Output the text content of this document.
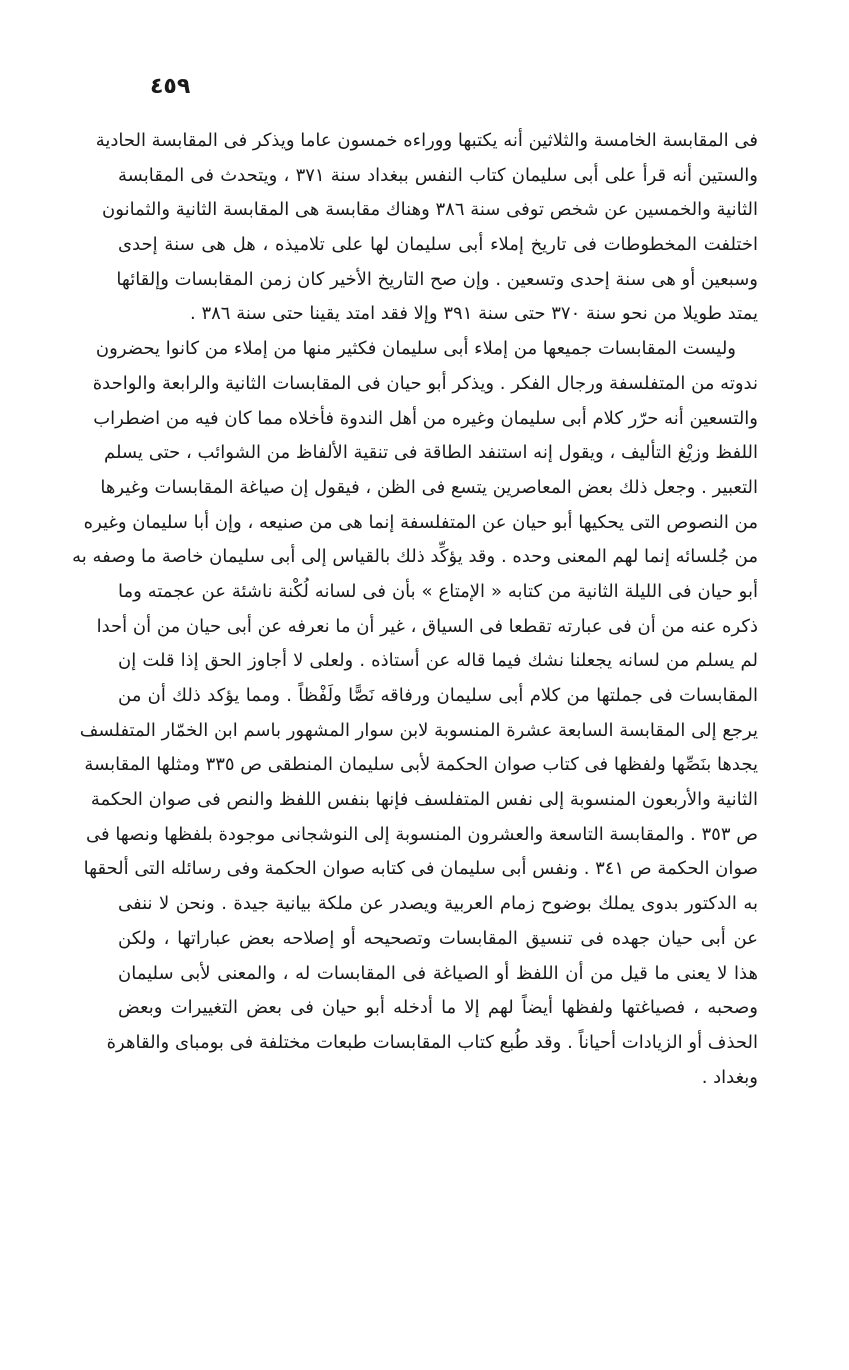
٤٥٩
فى المقابسة الخامسة والثلاثين أنه يكتبها ووراءه خمسون عاما ويذكر فى المقابسة الحادية
والستين أنه قرأ على أبى سليمان كتاب النفس ببغداد سنة ٣٧١ ، ويتحدث فى المقابسة
الثانية والخمسين عن شخص توفى سنة ٣٨٦ وهناك مقابسة هى المقابسة الثانية والثمانون
اختلفت المخطوطات فى تاريخ إملاء أبى سليمان لها على تلاميذه ، هل هى سنة إحدى
وسبعين أو هى سنة إحدى وتسعين . وإن صح التاريخ الأخير كان زمن المقابسات وإلقائها
يمتد طويلا من نحو سنة ٣٧٠ حتى سنة ٣٩١ وإلا فقد امتد يقينا حتى سنة ٣٨٦ .
وليست المقابسات جميعها من إملاء أبى سليمان فكثير منها من إملاء من كانوا يحضرون
ندوته من المتفلسفة ورجال الفكر . ويذكر أبو حيان فى المقابسات الثانية والرابعة والواحدة
والتسعين أنه حرّر كلام أبى سليمان وغيره من أهل الندوة فأخلاه مما كان فيه من اضطراب
اللفظ وزيْغ التأليف ، ويقول إنه استنفد الطاقة فى تنقية الألفاظ من الشوائب ، حتى يسلم
التعبير . وجعل ذلك بعض المعاصرين يتسع فى الظن ، فيقول إن صياغة المقابسات وغيرها
من النصوص التى يحكيها أبو حيان عن المتفلسفة إنما هى من صنيعه ، وإن أبا سليمان وغيره
من جُلسائه إنما لهم المعنى وحده . وقد يؤكِّد ذلك بالقياس إلى أبى سليمان خاصة ما وصفه به
أبو حيان فى الليلة الثانية من كتابه « الإمتاع » بأن فى لسانه لُكْنة ناشئة عن عجمته وما
ذكره عنه من أن فى عبارته تقطعا فى السياق ، غير أن ما نعرفه عن أبى حيان من أن أحدا
لم يسلم من لسانه يجعلنا نشك فيما قاله عن أستاذه . ولعلى لا أجاوز الحق إذا قلت إن
المقابسات فى جملتها من كلام أبى سليمان ورفاقه نَصًّا ولَفْظاً . ومما يؤكد ذلك أن من
يرجع إلى المقابسة السابعة عشرة المنسوبة لابن سوار المشهور باسم ابن الخمّار المتفلسف
يجدها بنَصِّها ولفظها فى كتاب صوان الحكمة لأبى سليمان المنطقى ص ٣٣٥ ومثلها المقابسة
الثانية والأربعون المنسوبة إلى نفس المتفلسف فإنها بنفس اللفظ والنص فى صوان الحكمة
ص ٣٥٣ . والمقابسة التاسعة والعشرون المنسوبة إلى النوشجانى موجودة بلفظها ونصها فى
صوان الحكمة ص ٣٤١ . ونفس أبى سليمان فى كتابه صوان الحكمة وفى رسائله التى ألحقها
به الدكتور بدوى يملك بوضوح زمام العربية ويصدر عن ملكة بيانية جيدة . ونحن لا ننفى
عن أبى حيان جهده فى تنسيق المقابسات وتصحيحه أو إصلاحه بعض عباراتها ، ولكن
هذا لا يعنى ما قيل من أن اللفظ أو الصياغة فى المقابسات له ، والمعنى لأبى سليمان
وصحبه ، فصياغتها ولفظها أيضاً لهم إلا ما أدخله أبو حيان فى بعض التغييرات وبعض
الحذف أو الزيادات أحياناً . وقد طُبع كتاب المقابسات طبعات مختلفة فى بومباى والقاهرة
وبغداد .
